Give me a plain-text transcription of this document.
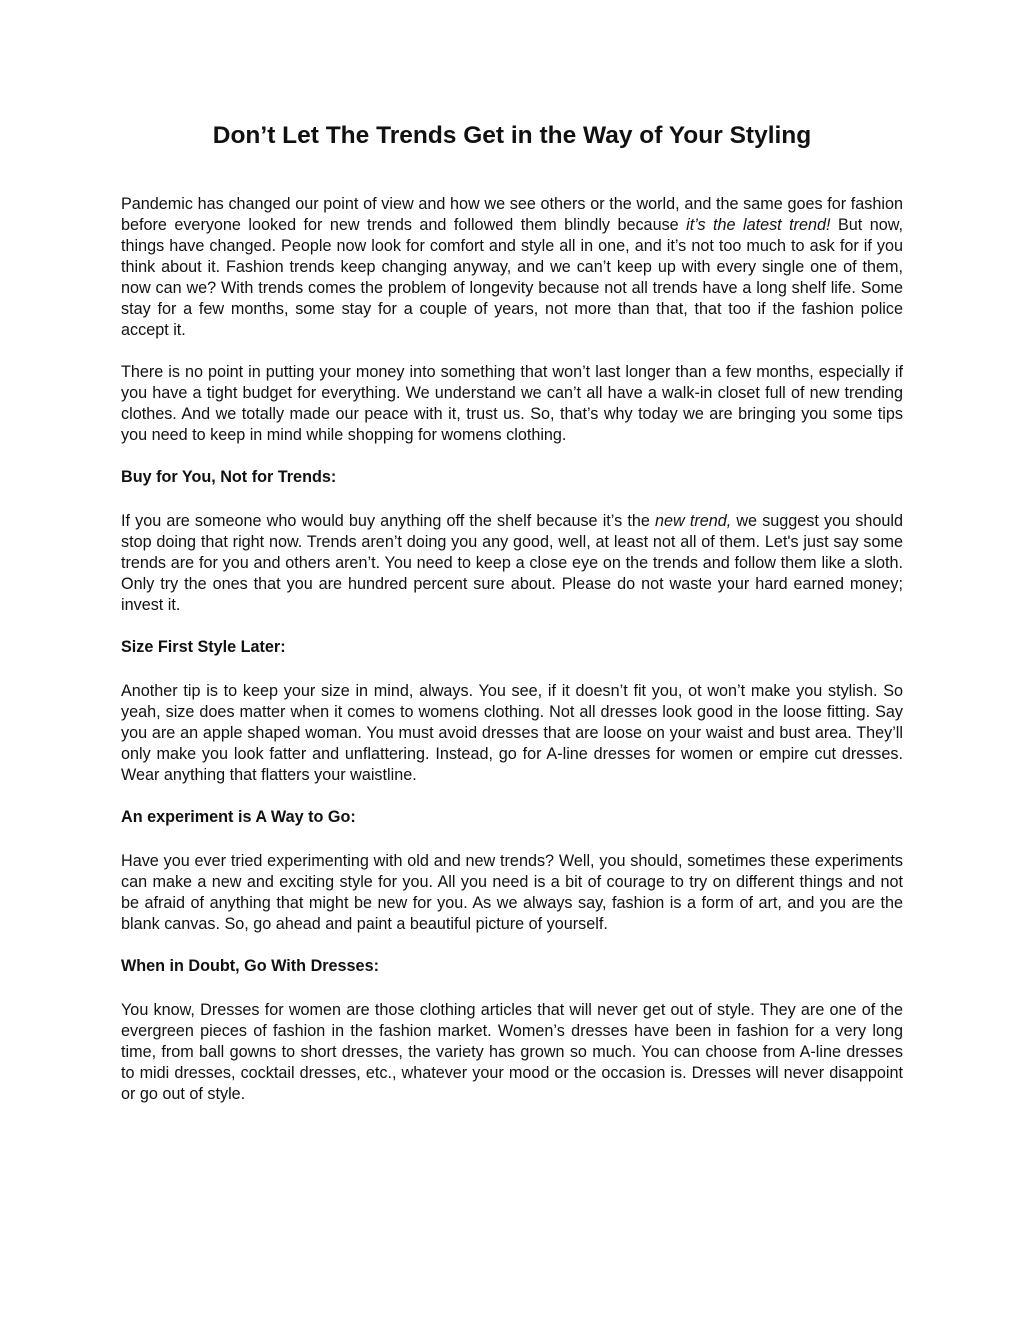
Don’t Let The Trends Get in the Way of Your Styling

Pandemic has changed our point of view and how we see others or the world, and the same goes for fashion before everyone looked for new trends and followed them blindly because it’s the latest trend! But now, things have changed. People now look for comfort and style all in one, and it’s not too much to ask for if you think about it. Fashion trends keep changing anyway, and we can’t keep up with every single one of them, now can we? With trends comes the problem of longevity because not all trends have a long shelf life. Some stay for a few months, some stay for a couple of years, not more than that, that too if the fashion police accept it.

There is no point in putting your money into something that won’t last longer than a few months, especially if you have a tight budget for everything. We understand we can’t all have a walk-in closet full of new trending clothes. And we totally made our peace with it, trust us. So, that’s why today we are bringing you some tips you need to keep in mind while shopping for womens clothing.

Buy for You, Not for Trends:

If you are someone who would buy anything off the shelf because it’s the new trend, we suggest you should stop doing that right now. Trends aren’t doing you any good, well, at least not all of them. Let's just say some trends are for you and others aren’t. You need to keep a close eye on the trends and follow them like a sloth. Only try the ones that you are hundred percent sure about. Please do not waste your hard earned money; invest it.

Size First Style Later:

Another tip is to keep your size in mind, always. You see, if it doesn’t fit you, ot won’t make you stylish. So yeah, size does matter when it comes to womens clothing. Not all dresses look good in the loose fitting. Say you are an apple shaped woman. You must avoid dresses that are loose on your waist and bust area. They’ll only make you look fatter and unflattering. Instead, go for A-line dresses for women or empire cut dresses. Wear anything that flatters your waistline.

An experiment is A Way to Go:

Have you ever tried experimenting with old and new trends? Well, you should, sometimes these experiments can make a new and exciting style for you. All you need is a bit of courage to try on different things and not be afraid of anything that might be new for you. As we always say, fashion is a form of art, and you are the blank canvas. So, go ahead and paint a beautiful picture of yourself.

When in Doubt, Go With Dresses:

You know, Dresses for women are those clothing articles that will never get out of style. They are one of the evergreen pieces of fashion in the fashion market. Women’s dresses have been in fashion for a very long time, from ball gowns to short dresses, the variety has grown so much. You can choose from A-line dresses to midi dresses, cocktail dresses, etc., whatever your mood or the occasion is. Dresses will never disappoint or go out of style.
